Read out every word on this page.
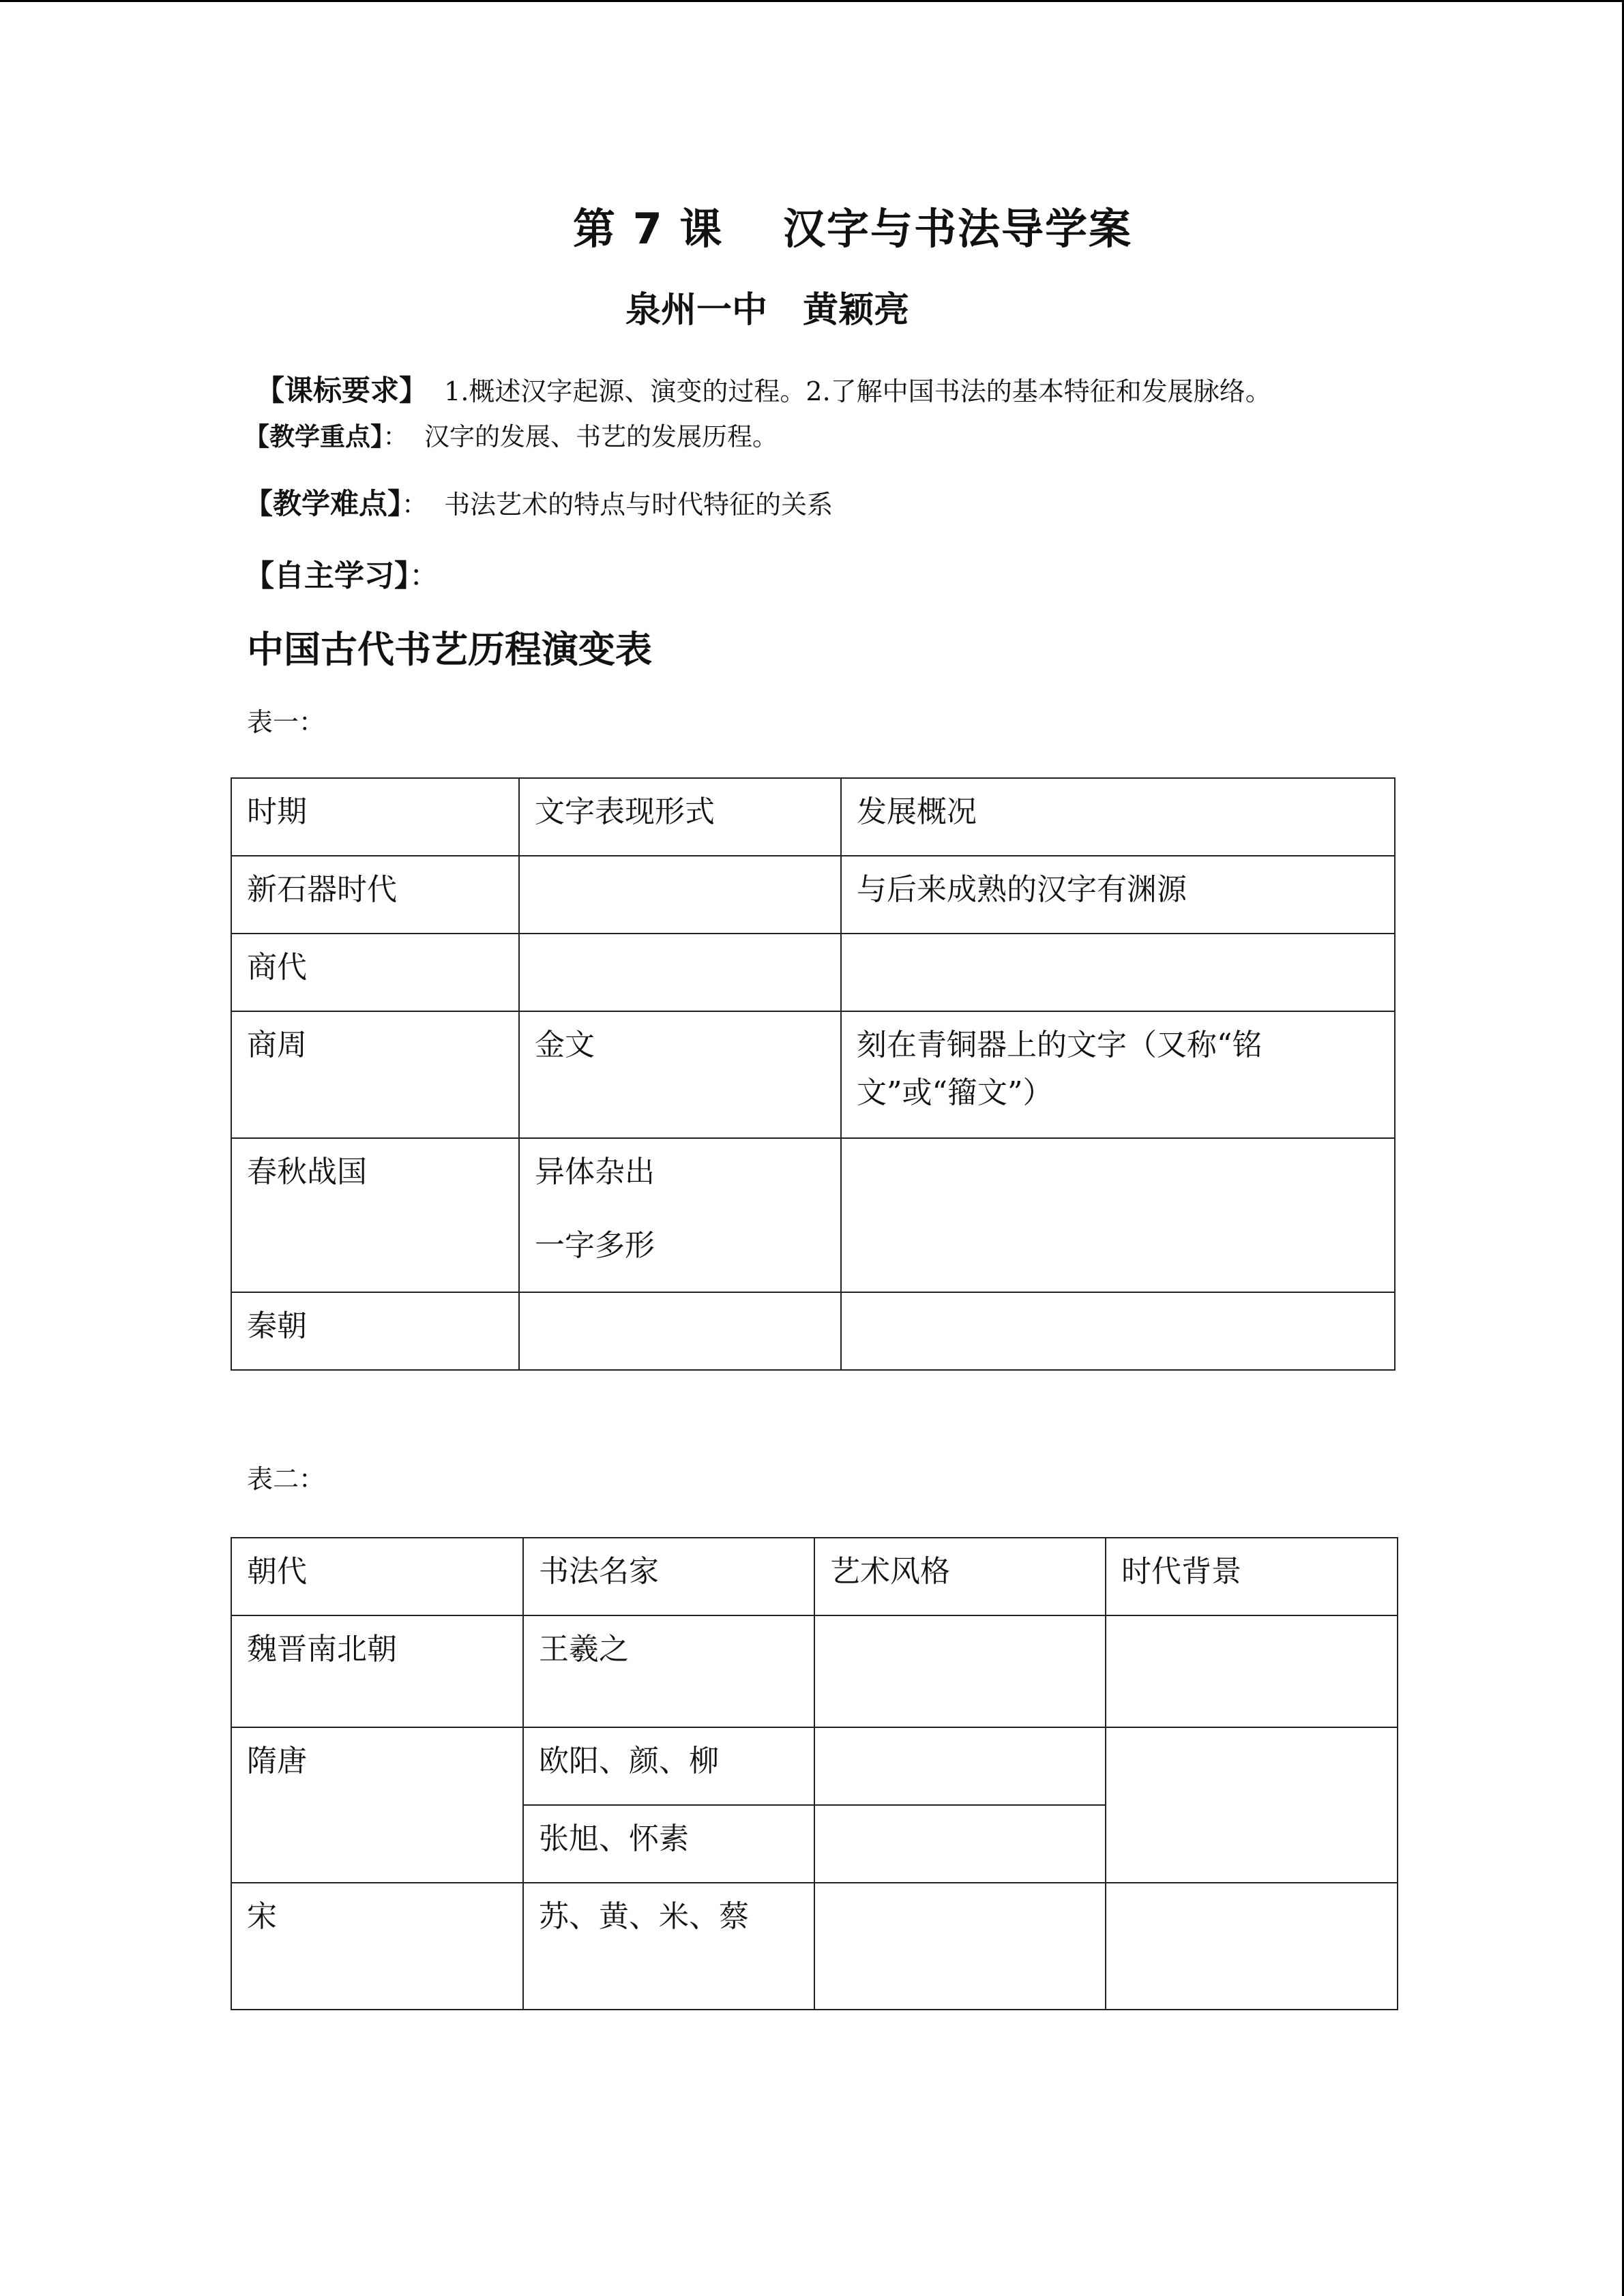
第 7 课　 汉字与书法导学案
泉州一中　黄颖亮
【课标要求】  1.概述汉字起源、演变的过程。2.了解中国书法的基本特征和发展脉络。
【教学重点】：  汉字的发展、书艺的发展历程。
【教学难点】：  书法艺术的特点与时代特征的关系
【自主学习】：
中国古代书艺历程演变表
表一：
时期	文字表现形式	发展概况
新石器时代		与后来成熟的汉字有渊源
商代		
商周	金文	刻在青铜器上的文字（又称“铭文”或“籀文”）
春秋战国	异体杂出
一字多形	

秦朝		
表二：
朝代	书法名家	艺术风格	时代背景
魏晋南北朝	王羲之		
隋唐	欧阳、颜、柳		
	张旭、怀素		
宋	苏、黄、米、蔡		
